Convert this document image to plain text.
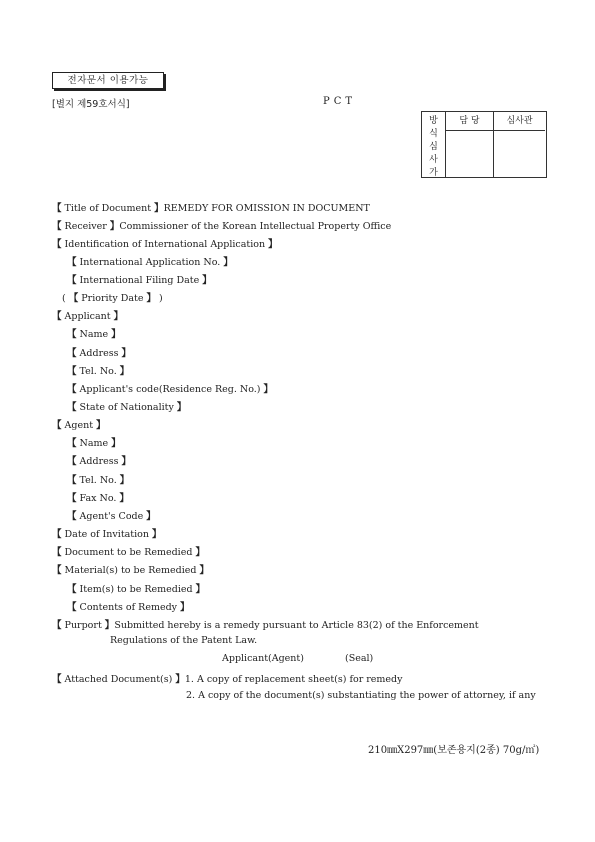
전자문서 이용가능
[별지 제59호서식]	PCT
방
식
심
사
가
담 당	심사관
【 Title of Document 】REMEDY FOR OMISSION IN DOCUMENT
【 Receiver 】Commissioner of the Korean Intellectual Property Office
【 Identification of International Application 】
【 International Application No. 】
【 International Filing Date 】
( 【 Priority Date 】 )
【 Applicant 】
【 Name 】
【 Address 】
【 Tel. No. 】
【 Applicant's code(Residence Reg. No.) 】
【 State of Nationality 】
【 Agent 】
【 Name 】
【 Address 】
【 Tel. No. 】
【 Fax No. 】
【 Agent's Code 】
【 Date of Invitation 】
【 Document to be Remedied 】
【 Material(s) to be Remedied 】
【 Item(s) to be Remedied 】
【 Contents of Remedy 】
【 Purport 】Submitted hereby is a remedy pursuant to Article 83(2) of the Enforcement
Regulations of the Patent Law.
Applicant(Agent)	(Seal)
【 Attached Document(s) 】1. A copy of replacement sheet(s) for remedy
2. A copy of the document(s) substantiating the power of attorney, if any
210㎜X297㎜(보존용지(2종) 70g/㎡)
